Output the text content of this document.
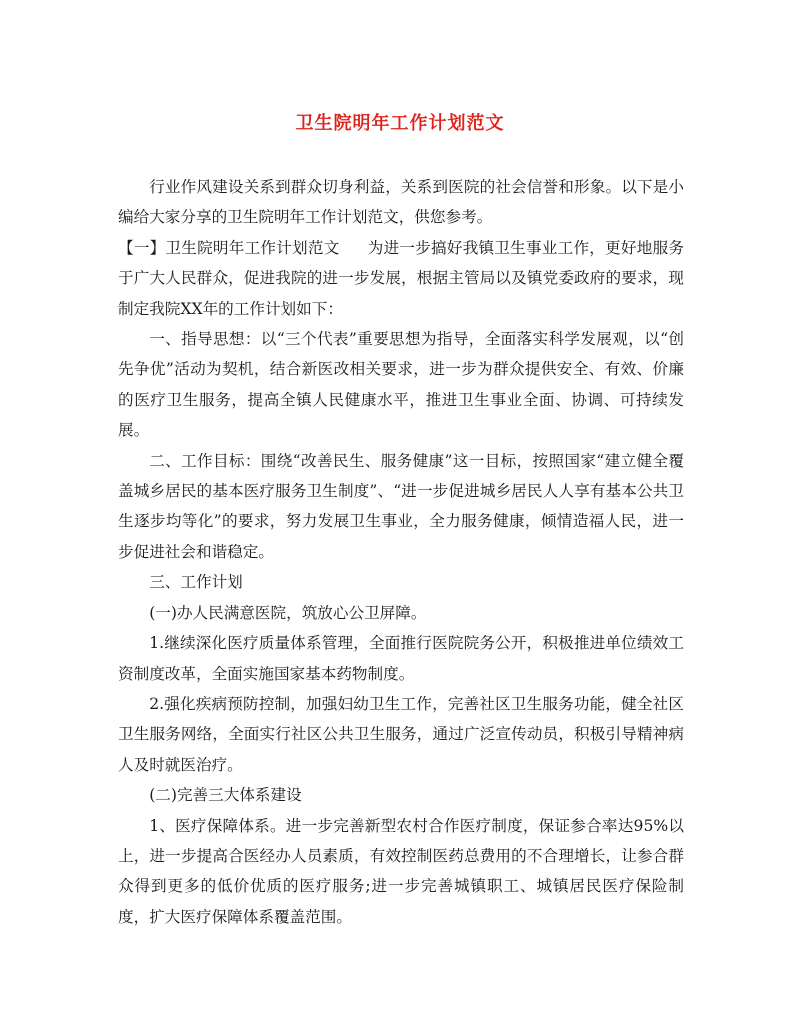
卫生院明年工作计划范文

行业作风建设关系到群众切身利益，关系到医院的社会信誉和形象。以下是小编给大家分享的卫生院明年工作计划范文，供您参考。

【一】卫生院明年工作计划范文 为进一步搞好我镇卫生事业工作，更好地服务于广大人民群众，促进我院的进一步发展，根据主管局以及镇党委政府的要求，现制定我院XX年的工作计划如下：

一、指导思想：以“三个代表”重要思想为指导，全面落实科学发展观，以“创先争优”活动为契机，结合新医改相关要求，进一步为群众提供安全、有效、价廉的医疗卫生服务，提高全镇人民健康水平，推进卫生事业全面、协调、可持续发展。

二、工作目标：围绕“改善民生、服务健康”这一目标，按照国家“建立健全覆盖城乡居民的基本医疗服务卫生制度”、“进一步促进城乡居民人人享有基本公共卫生逐步均等化”的要求，努力发展卫生事业，全力服务健康，倾情造福人民，进一步促进社会和谐稳定。

三、工作计划

(一)办人民满意医院，筑放心公卫屏障。

1.继续深化医疗质量体系管理，全面推行医院院务公开，积极推进单位绩效工资制度改革，全面实施国家基本药物制度。

2.强化疾病预防控制，加强妇幼卫生工作，完善社区卫生服务功能，健全社区卫生服务网络，全面实行社区公共卫生服务，通过广泛宣传动员，积极引导精神病人及时就医治疗。

(二)完善三大体系建设

1、医疗保障体系。进一步完善新型农村合作医疗制度，保证参合率达95%以上，进一步提高合医经办人员素质，有效控制医药总费用的不合理增长，让参合群众得到更多的低价优质的医疗服务;进一步完善城镇职工、城镇居民医疗保险制度，扩大医疗保障体系覆盖范围。
